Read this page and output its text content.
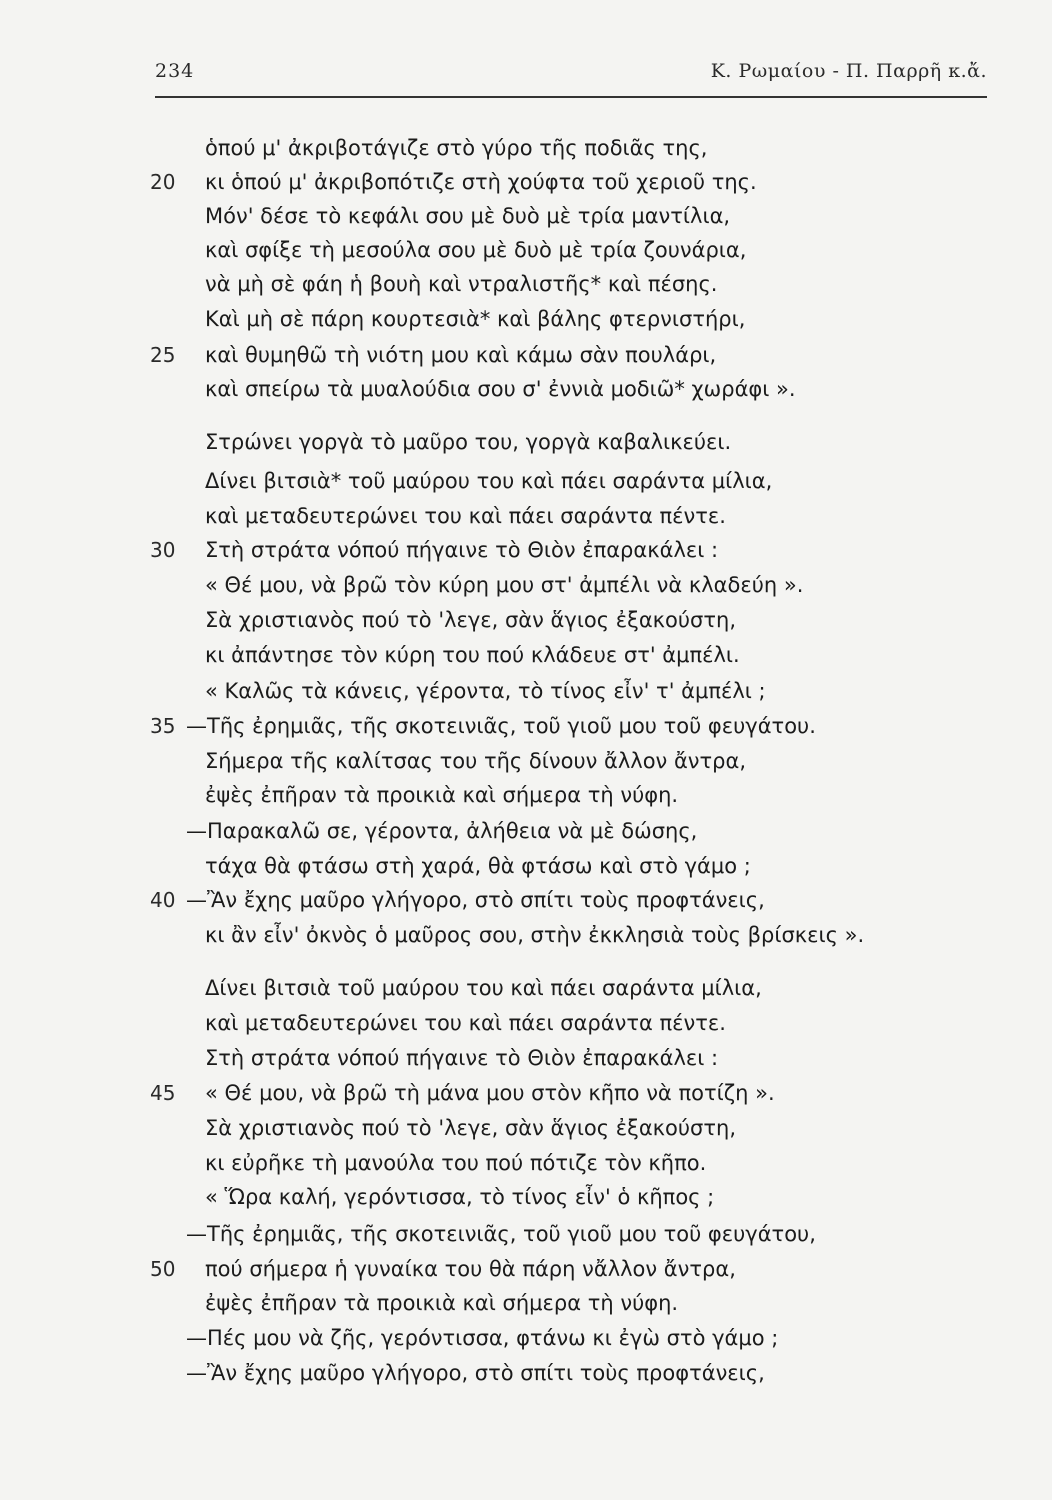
234	Κ. Ρωμαίου - Π. Παρρῆ κ.ἄ.
ὁπού μ' ἀκριβοτάγιζε στὸ γύρο τῆς ποδιᾶς της,
20	κι ὁπού μ' ἀκριβοπότιζε στὴ χούφτα τοῦ χεριοῦ της.
Μόν' δέσε τὸ κεφάλι σου μὲ δυὸ μὲ τρία μαντίλια,
καὶ σφίξε τὴ μεσούλα σου μὲ δυὸ μὲ τρία ζουνάρια,
νὰ μὴ σὲ φάη ἡ βουὴ καὶ ντραλιστῆς* καὶ πέσης.
Καὶ μὴ σὲ πάρη κουρτεσιὰ* καὶ βάλης φτερνιστήρι,
25	καὶ θυμηθῶ τὴ νιότη μου καὶ κάμω σὰν πουλάρι,
καὶ σπείρω τὰ μυαλούδια σου σ' ἐννιὰ μοδιῶ* χωράφι ».
Στρώνει γοργὰ τὸ μαῦρο του, γοργὰ καβαλικεύει.
Δίνει βιτσιὰ* τοῦ μαύρου του καὶ πάει σαράντα μίλια,
καὶ μεταδευτερώνει του καὶ πάει σαράντα πέντε.
30	Στὴ στράτα νόπού πήγαινε τὸ Θιὸν ἐπαρακάλει :
« Θέ μου, νὰ βρῶ τὸν κύρη μου στ' ἀμπέλι νὰ κλαδεύη ».
Σὰ χριστιανὸς πού τὸ 'λεγε, σὰν ἅγιος ἐξακούστη,
κι ἀπάντησε τὸν κύρη του πού κλάδευε στ' ἀμπέλι.
« Καλῶς τὰ κάνεις, γέροντα, τὸ τίνος εἶν' τ' ἀμπέλι ;
35 —Τῆς ἐρημιᾶς, τῆς σκοτεινιᾶς, τοῦ γιοῦ μου τοῦ φευγάτου.
Σήμερα τῆς καλίτσας του τῆς δίνουν ἄλλον ἄντρα,
ἐψὲς ἐπῆραν τὰ προικιὰ καὶ σήμερα τὴ νύφη.
—Παρακαλῶ σε, γέροντα, ἀλήθεια νὰ μὲ δώσης,
τάχα θὰ φτάσω στὴ χαρά, θὰ φτάσω καὶ στὸ γάμο ;
40 —Ἂν ἔχης μαῦρο γλήγορο, στὸ σπίτι τοὺς προφτάνεις,
κι ἂν εἶν' ὀκνὸς ὁ μαῦρος σου, στὴν ἐκκλησιὰ τοὺς βρίσκεις ».
Δίνει βιτσιὰ τοῦ μαύρου του καὶ πάει σαράντα μίλια,
καὶ μεταδευτερώνει του καὶ πάει σαράντα πέντε.
Στὴ στράτα νόπού πήγαινε τὸ Θιὸν ἐπαρακάλει :
45	« Θέ μου, νὰ βρῶ τὴ μάνα μου στὸν κῆπο νὰ ποτίζη ».
Σὰ χριστιανὸς πού τὸ 'λεγε, σὰν ἅγιος ἐξακούστη,
κι εὐρῆκε τὴ μανούλα του πού πότιζε τὸν κῆπο.
« Ὥρα καλή, γερόντισσα, τὸ τίνος εἶν' ὁ κῆπος ;
—Τῆς ἐρημιᾶς, τῆς σκοτεινιᾶς, τοῦ γιοῦ μου τοῦ φευγάτου,
50	πού σήμερα ἡ γυναίκα του θὰ πάρη νἄλλον ἄντρα,
ἐψὲς ἐπῆραν τὰ προικιὰ καὶ σήμερα τὴ νύφη.
—Πές μου νὰ ζῆς, γερόντισσα, φτάνω κι ἐγὼ στὸ γάμο ;
—Ἂν ἔχης μαῦρο γλήγορο, στὸ σπίτι τοὺς προφτάνεις,
